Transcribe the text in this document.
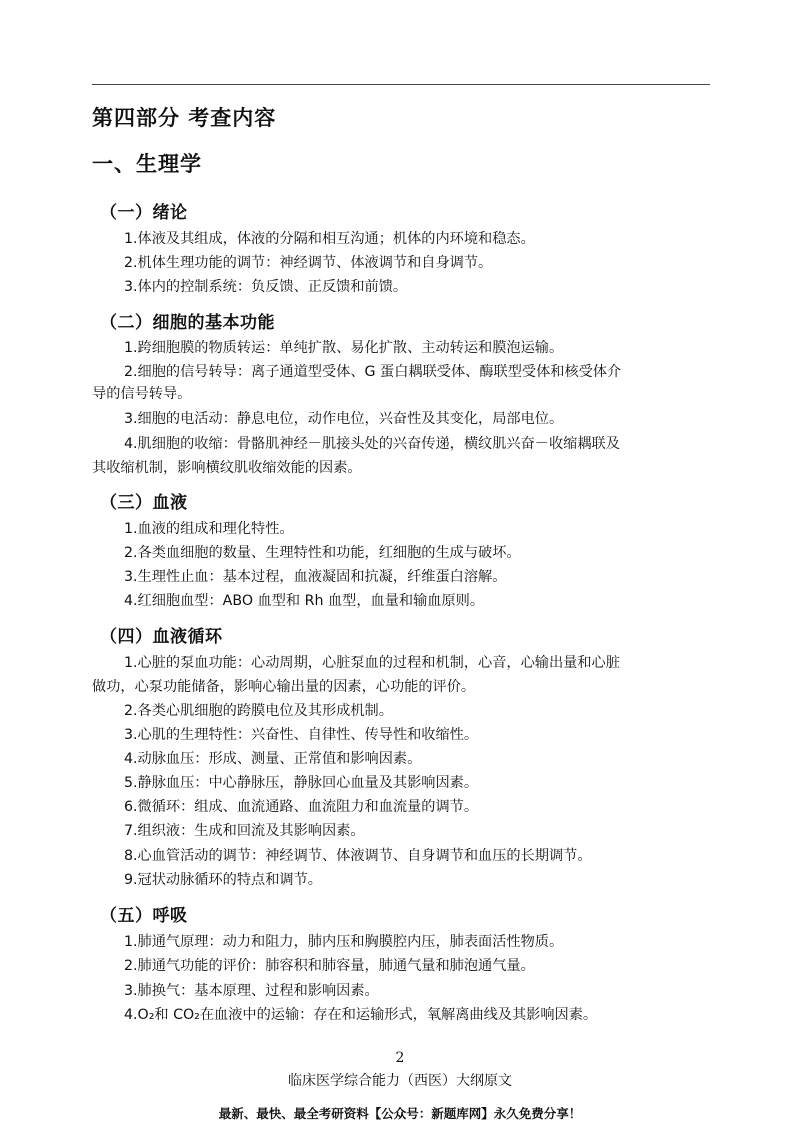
第四部分 考查内容
一、生理学
（一）绪论
1.体液及其组成，体液的分隔和相互沟通；机体的内环境和稳态。
2.机体生理功能的调节：神经调节、体液调节和自身调节。
3.体内的控制系统：负反馈、正反馈和前馈。
（二）细胞的基本功能
1.跨细胞膜的物质转运：单纯扩散、易化扩散、主动转运和膜泡运输。
2.细胞的信号转导：离子通道型受体、G 蛋白耦联受体、酶联型受体和核受体介
导的信号转导。
3.细胞的电活动：静息电位，动作电位，兴奋性及其变化，局部电位。
4.肌细胞的收缩：骨骼肌神经－肌接头处的兴奋传递，横纹肌兴奋－收缩耦联及
其收缩机制，影响横纹肌收缩效能的因素。
（三）血液
1.血液的组成和理化特性。
2.各类血细胞的数量、生理特性和功能，红细胞的生成与破坏。
3.生理性止血：基本过程，血液凝固和抗凝，纤维蛋白溶解。
4.红细胞血型：ABO 血型和 Rh 血型，血量和输血原则。
（四）血液循环
1.心脏的泵血功能：心动周期，心脏泵血的过程和机制，心音，心输出量和心脏
做功，心泵功能储备，影响心输出量的因素，心功能的评价。
2.各类心肌细胞的跨膜电位及其形成机制。
3.心肌的生理特性：兴奋性、自律性、传导性和收缩性。
4.动脉血压：形成、测量、正常值和影响因素。
5.静脉血压：中心静脉压，静脉回心血量及其影响因素。
6.微循环：组成、血流通路、血流阻力和血流量的调节。
7.组织液：生成和回流及其影响因素。
8.心血管活动的调节：神经调节、体液调节、自身调节和血压的长期调节。
9.冠状动脉循环的特点和调节。
（五）呼吸
1.肺通气原理：动力和阻力，肺内压和胸膜腔内压，肺表面活性物质。
2.肺通气功能的评价：肺容积和肺容量，肺通气量和肺泡通气量。
3.肺换气：基本原理、过程和影响因素。
4.O₂和 CO₂在血液中的运输：存在和运输形式，氧解离曲线及其影响因素。
2
临床医学综合能力（西医）大纲原文
最新、最快、最全考研资料【公众号：新题库网】永久免费分享！
